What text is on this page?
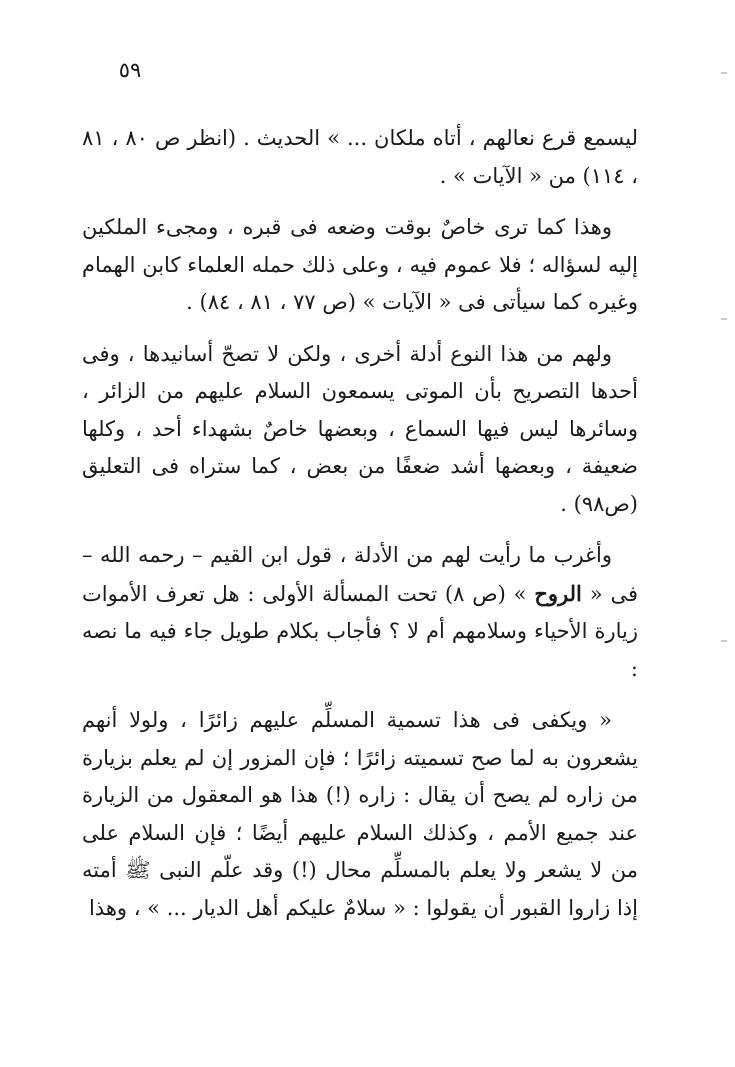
٥٩

ليسمع قرع نعالهم ، أتاه ملكان ... » الحديث . (انظر ص ٨٠ ، ٨١ ، ١١٤) من « الآيات » .

وهذا كما ترى خاصٌ بوقت وضعه فى قبره ، ومجىء الملكين إليه لسؤاله ؛ فلا عموم فيه ، وعلى ذلك حمله العلماء كابن الهمام وغيره كما سيأتى فى « الآيات » (ص ٧٧ ، ٨١ ، ٨٤) .

ولهم من هذا النوع أدلة أخرى ، ولكن لا تصحّ أسانيدها ، وفى أحدها التصريح بأن الموتى يسمعون السلام عليهم من الزائر ، وسائرها ليس فيها السماع ، وبعضها خاصٌ بشهداء أحد ، وكلها ضعيفة ، وبعضها أشد ضعفًا من بعض ، كما ستراه فى التعليق (ص٩٨) .

وأغرب ما رأيت لهم من الأدلة ، قول ابن القيم – رحمه الله – فى « الروح » (ص ٨) تحت المسألة الأولى : هل تعرف الأموات زيارة الأحياء وسلامهم أم لا ؟ فأجاب بكلام طويل جاء فيه ما نصه :

« ويكفى فى هذا تسمية المسلِّم عليهم زائرًا ، ولولا أنهم يشعرون به لما صح تسميته زائرًا ؛ فإن المزور إن لم يعلم بزيارة من زاره لم يصح أن يقال : زاره (!) هذا هو المعقول من الزيارة عند جميع الأمم ، وكذلك السلام عليهم أيضًا ؛ فإن السلام على من لا يشعر ولا يعلم بالمسلِّم محال (!) وقد علّم النبى ﷺ أمته إذا زاروا القبور أن يقولوا : « سلامٌ عليكم أهل الديار ... » ، وهذا
